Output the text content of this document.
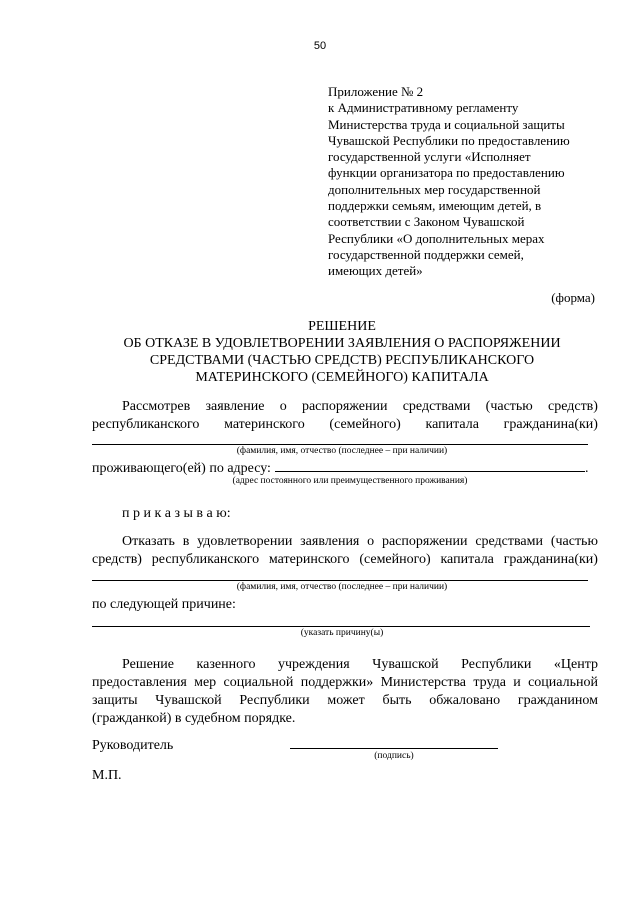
50
Приложение № 2
к Административному регламенту
Министерства труда и социальной защиты
Чувашской Республики по предоставлению
государственной услуги «Исполняет
функции организатора по предоставлению
дополнительных мер государственной
поддержки семьям, имеющим детей, в
соответствии с Законом Чувашской
Республики «О дополнительных мерах
государственной поддержки семей,
имеющих детей»
(форма)
РЕШЕНИЕ
ОБ ОТКАЗЕ В УДОВЛЕТВОРЕНИИ ЗАЯВЛЕНИЯ О РАСПОРЯЖЕНИИ
СРЕДСТВАМИ (ЧАСТЬЮ СРЕДСТВ) РЕСПУБЛИКАНСКОГО
МАТЕРИНСКОГО (СЕМЕЙНОГО) КАПИТАЛА
Рассмотрев заявление о распоряжении средствами (частью средств)
республиканского материнского (семейного) капитала гражданина(ки)
(фамилия, имя, отчество (последнее – при наличии)
проживающего(ей) по адресу:	.
(адрес постоянного или преимущественного проживания)
п р и к а з ы в а ю:
Отказать в удовлетворении заявления о распоряжении средствами (частью
средств) республиканского материнского (семейного) капитала гражданина(ки)
(фамилия, имя, отчество (последнее – при наличии)
по следующей причине:
(указать причину(ы)
Решение казенного учреждения Чувашской Республики «Центр
предоставления мер социальной поддержки» Министерства труда и социальной
защиты Чувашской Республики может быть обжаловано гражданином
(гражданкой) в судебном порядке.
Руководитель
(подпись)
М.П.
